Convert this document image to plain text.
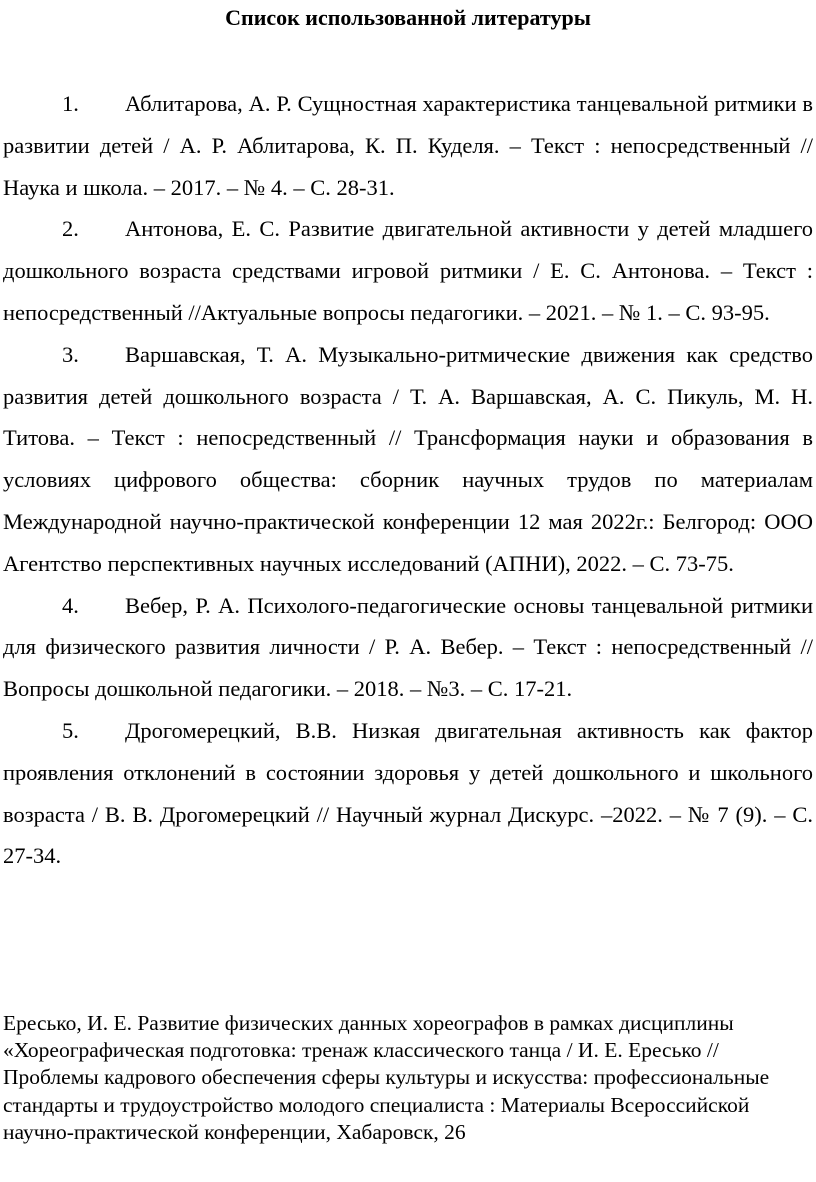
Список использованной литературы

1. Аблитарова, А. Р. Сущностная характеристика танцевальной ритмики в развитии детей / А. Р. Аблитарова, К. П. Куделя. – Текст : непосредственный // Наука и школа. – 2017. – № 4. – С. 28-31.

2. Антонова, Е. С. Развитие двигательной активности у детей младшего дошкольного возраста средствами игровой ритмики / Е. С. Антонова. – Текст : непосредственный //Актуальные вопросы педагогики. – 2021. – № 1. – С. 93-95.

3. Варшавская, Т. А. Музыкально-ритмические движения как средство развития детей дошкольного возраста / Т. А. Варшавская, А. С. Пикуль, М. Н. Титова. – Текст : непосредственный // Трансформация науки и образования в условиях цифрового общества: сборник научных трудов по материалам Международной научно-практической конференции 12 мая 2022г.: Белгород: ООО Агентство перспективных научных исследований (АПНИ), 2022. – С. 73-75.

4. Вебер, Р. А. Психолого-педагогические основы танцевальной ритмики для физического развития личности / Р. А. Вебер. – Текст : непосредственный // Вопросы дошкольной педагогики. – 2018. – №3. – С. 17-21.

5. Дрогомерецкий, В.В. Низкая двигательная активность как фактор проявления отклонений в состоянии здоровья у детей дошкольного и школьного возраста / В. В. Дрогомерецкий // Научный журнал Дискурс. –2022. – № 7 (9). – С. 27-34.

Ересько, И. Е. Развитие физических данных хореографов в рамках дисциплины «Хореографическая подготовка: тренаж классического танца / И. Е. Ересько // Проблемы кадрового обеспечения сферы культуры и искусства: профессиональные стандарты и трудоустройство молодого специалиста : Материалы Всероссийской научно-практической конференции, Хабаровск, 26
